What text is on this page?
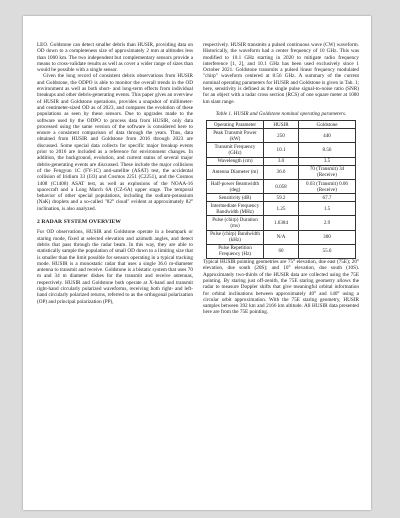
LEO. Goldstone can detect smaller debris than HUSIR, providing data on OD down to a completeness size of approximately 2 mm at altitudes less than 1000 km. The two independent but complementary sensors provide a means to cross-validate results as well as cover a wider range of sizes than would be possible with a single sensor.

Given the long record of consistent debris observations from HUSIR and Goldstone, the ODPO is able to monitor the overall trends in the OD environment as well as both short- and long-term effects from individual breakups and other debris-generating events. This paper gives an overview of HUSIR and Goldstone operations, provides a snapshot of millimeter- and centimeter-sized OD as of 2023, and compares the evolution of these populations as seen by these sensors. Due to upgrades made to the software used by the ODPO to process data from HUSIR, only data processed using the same version of the software is considered here to ensure a consistent comparison of data through the years. Thus, data obtained from HUSIR and Goldstone from 2016 through 2023 are discussed. Some special data collects for specific major breakup events prior to 2016 are included as a reference for environment changes. In addition, the background, evolution, and current status of several major debris-generating events are discussed. These include the major collisions of the Fengyun 1C (FY-1C) anti-satellite (ASAT) test, the accidental collision of Iridium 33 (I33) and Cosmos 2251 (C2251), and the Cosmos 1408 (C1408) ASAT test, as well as explosions of the NOAA-16 spacecraft and a Long March 6A (CZ-6A) upper stage. The temporal behavior of other special populations, including the sodium-potassium (NaK) droplets and a so-called "82° cloud" evident at approximately 82° inclination, is also analyzed.

2 RADAR SYSTEM OVERVIEW

For OD observations, HUSIR and Goldstone operate in a beampark or staring mode, fixed at selected elevation and azimuth angles, and detect debris that pass through the radar beam. In this way, they are able to statistically sample the population of small OD down to a limiting size that is smaller than the limit possible for sensors operating in a typical tracking mode. HUSIR is a monostatic radar that uses a single 36.6 m-diameter antenna to transmit and receive. Goldstone is a bistatic system that uses 70 m and 34 m diameter dishes for the transmit and receive antennas, respectively. HUSIR and Goldstone both operate at X-band and transmit right-hand circularly polarized waveforms, receiving both right- and left-hand circularly polarized returns, referred to as the orthogonal polarization (OP) and principal polarization (PP),

respectively. HUSIR transmits a pulsed continuous wave (CW) waveform. Historically, the waveform had a center frequency of 10 GHz. This was modified to 10.1 GHz starting in 2020 to mitigate radio frequency interference [1, 2], and 10.1 GHz has been used exclusively since 1 October 2021. Goldstone transmits a pulsed linear frequency modulated "chirp" waveform centered at 8.56 GHz. A summary of the current nominal operating parameters for HUSIR and Goldstone is given in Tab. 1; here, sensitivity is defined as the single pulse signal-to-noise ratio (SNR) for an object with a radar cross section (RCS) of one square meter at 1000 km slant range.

Table 1. HUSIR and Goldstone nominal operating parameters.
Operating Parameter	HUSIR	Goldstone
Peak Transmit Power (kW)	250	440
Transmit Frequency (GHz)	10.1	8.56
Wavelength (cm)	3.0	3.5
Antenna Diameter (m)	36.6	70 (Transmit) 34 (Receive)
Half-power Beamwidth (deg)	0.058	0.03 (Transmit) 0.06 (Receive)
Sensitivity (dB)	59.2	67.7
Intermediate Frequency Bandwidth (MHz)	1.25	1.5
Pulse (chirp) Duration (ms)	1.6384	2.9
Pulse (chirp) Bandwidth (kHz)	N/A	300
Pulse Repetition Frequency (Hz)	60	55.6

Typical HUSIR pointing geometries are 75° elevation, due east (75E); 20° elevation, due south (20S); and 10° elevation, due south (10S). Approximately two-thirds of the HUSIR data are collected using the 75E pointing. By staring just off-zenith, the 75E staring geometry allows the radar to measure Doppler shifts that give meaningful orbital information for orbital inclinations between approximately 40° and 140° using a circular orbit approximation. With the 75E staring geometry, HUSIR samples between 392 km and 2166 km altitude. All HUSIR data presented here are from the 75E pointing.
